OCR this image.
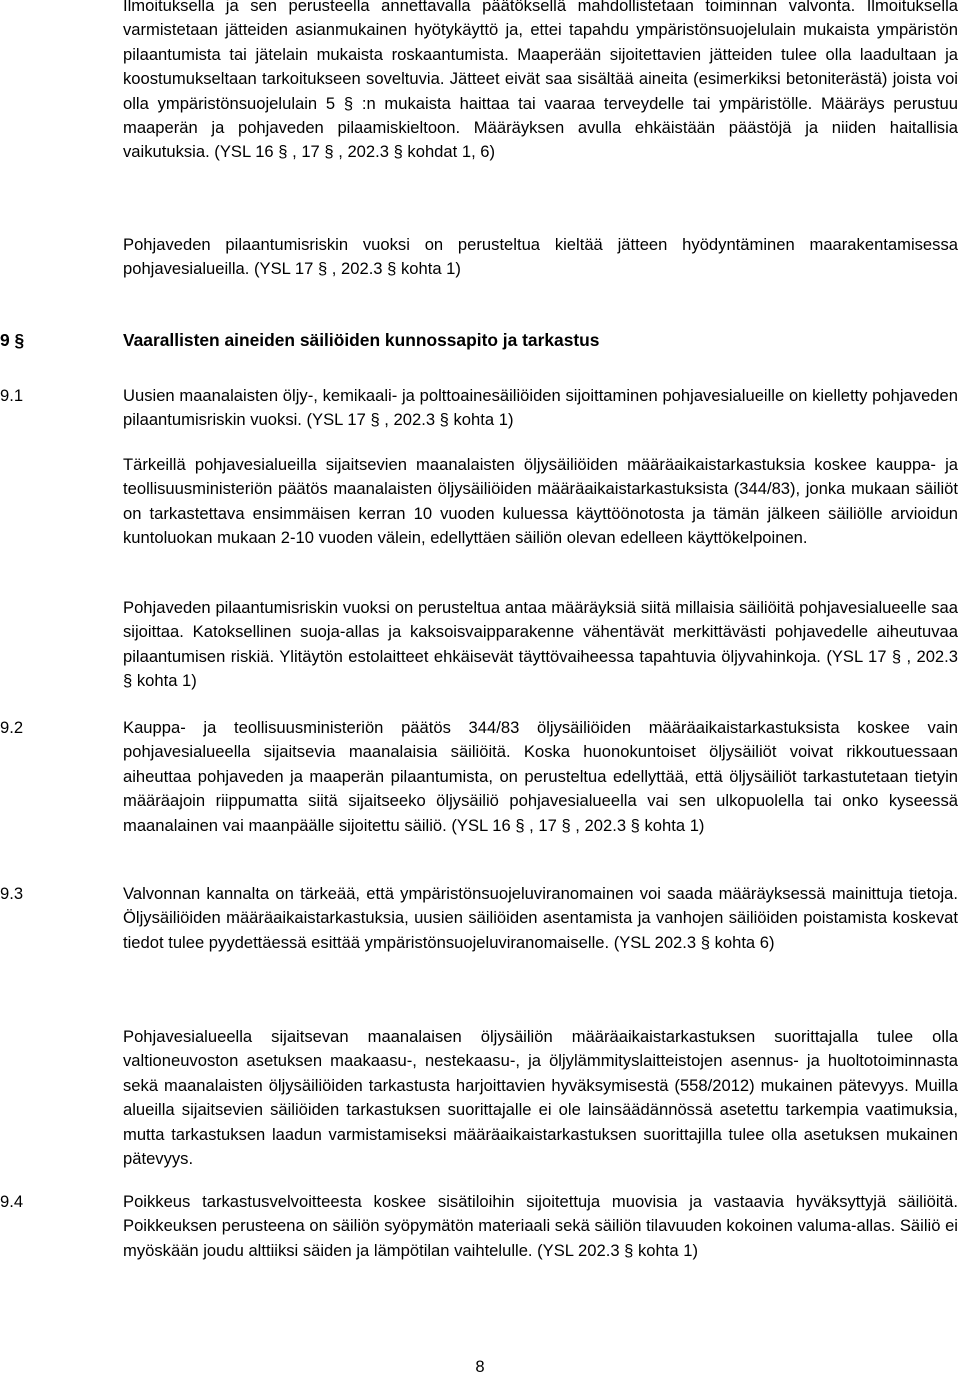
Ilmoituksella ja sen perusteella annettavalla päätöksellä mahdollistetaan toiminnan valvonta. Ilmoituksella varmistetaan jätteiden asianmukainen hyötykäyttö ja, ettei tapahdu ympäristönsuojelulain mukaista ympäristön pilaantumista tai jätelain mukaista roskaantumista. Maaperään sijoitettavien jätteiden tulee olla laadultaan ja koostumukseltaan tarkoitukseen soveltuvia. Jätteet eivät saa sisältää aineita (esimerkiksi betoniterästä) joista voi olla ympäristönsuojelulain 5 § :n mukaista haittaa tai vaaraa terveydelle tai ympäristölle. Määräys perustuu maaperän ja pohjaveden pilaamiskieltoon. Määräyksen avulla ehkäistään päästöjä ja niiden haitallisia vaikutuksia. (YSL 16 § , 17 § , 202.3 § kohdat 1, 6)

Pohjaveden pilaantumisriskin vuoksi on perusteltua kieltää jätteen hyödyntäminen maarakentamisessa pohjavesialueilla. (YSL 17 § , 202.3 § kohta 1)

9 §	Vaarallisten aineiden säiliöiden kunnossapito ja tarkastus

9.1	Uusien maanalaisten öljy-, kemikaali- ja polttoainesäiliöiden sijoittaminen pohjavesialueille on kielletty pohjaveden pilaantumisriskin vuoksi. (YSL 17 § , 202.3 § kohta 1)

Tärkeillä pohjavesialueilla sijaitsevien maanalaisten öljysäiliöiden määräaikaistarkastuksia koskee kauppa- ja teollisuusministeriön päätös maanalaisten öljysäiliöiden määräaikaistarkastuksista (344/83), jonka mukaan säiliöt on tarkastettava ensimmäisen kerran 10 vuoden kuluessa käyttöönotosta ja tämän jälkeen säiliölle arvioidun kuntoluokan mukaan 2-10 vuoden välein, edellyttäen säiliön olevan edelleen käyttökelpoinen.

Pohjaveden pilaantumisriskin vuoksi on perusteltua antaa määräyksiä siitä millaisia säiliöitä pohjavesialueelle saa sijoittaa. Katoksellinen suoja-allas ja kaksoisvaipparakenne vähentävät merkittävästi pohjavedelle aiheutuvaa pilaantumisen riskiä. Ylitäytön estolaitteet ehkäisevät täyttövaiheessa tapahtuvia öljyvahinkoja. (YSL 17 § , 202.3 § kohta 1)

9.2	Kauppa- ja teollisuusministeriön päätös 344/83 öljysäiliöiden määräaikaistarkastuksista koskee vain pohjavesialueella sijaitsevia maanalaisia säiliöitä. Koska huonokuntoiset öljysäiliöt voivat rikkoutuessaan aiheuttaa pohjaveden ja maaperän pilaantumista, on perusteltua edellyttää, että öljysäiliöt tarkastutetaan tietyin määräajoin riippumatta siitä sijaitseeko öljysäiliö pohjavesialueella vai sen ulkopuolella tai onko kyseessä maanalainen vai maanpäälle sijoitettu säiliö. (YSL 16 § , 17 § , 202.3 § kohta 1)

9.3	Valvonnan kannalta on tärkeää, että ympäristönsuojeluviranomainen voi saada määräyksessä mainittuja tietoja. Öljysäiliöiden määräaikaistarkastuksia, uusien säiliöiden asentamista ja vanhojen säiliöiden poistamista koskevat tiedot tulee pyydettäessä esittää ympäristönsuojeluviranomaiselle. (YSL 202.3 § kohta 6)

Pohjavesialueella sijaitsevan maanalaisen öljysäiliön määräaikaistarkastuksen suorittajalla tulee olla valtioneuvoston asetuksen maakaasu-, nestekaasu-, ja öljylämmityslaitteistojen asennus- ja huoltotoiminnasta sekä maanalaisten öljysäiliöiden tarkastusta harjoittavien hyväksymisestä (558/2012) mukainen pätevyys. Muilla alueilla sijaitsevien säiliöiden tarkastuksen suorittajalle ei ole lainsäädännössä asetettu tarkempia vaatimuksia, mutta tarkastuksen laadun varmistamiseksi määräaikaistarkastuksen suorittajilla tulee olla asetuksen mukainen pätevyys.

9.4	Poikkeus tarkastusvelvoitteesta koskee sisätiloihin sijoitettuja muovisia ja vastaavia hyväksyttyjä säiliöitä. Poikkeuksen perusteena on säiliön syöpymätön materiaali sekä säiliön tilavuuden kokoinen valuma-allas. Säiliö ei myöskään joudu alttiiksi säiden ja lämpötilan vaihtelulle. (YSL 202.3 § kohta 1)

8
